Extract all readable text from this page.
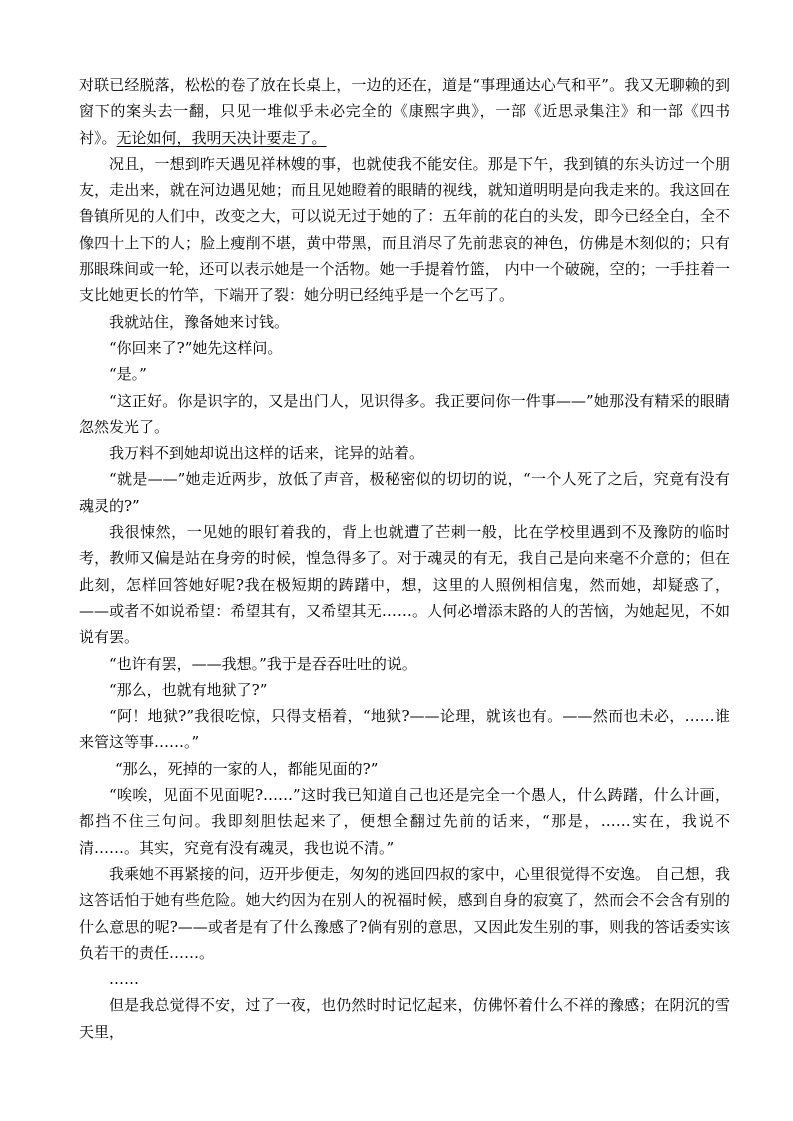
对联已经脱落，松松的卷了放在长桌上，一边的还在，道是“事理通达心气和平”。我又无聊赖的到窗下的案头去一翻，只见一堆似乎未必完全的《康熙字典》，一部《近思录集注》和一部《四书衬》。无论如何，我明天决计要走了。

况且，一想到昨天遇见祥林嫂的事，也就使我不能安住。那是下午，我到镇的东头访过一个朋友，走出来，就在河边遇见她；而且见她瞪着的眼睛的视线，就知道明明是向我走来的。我这回在鲁镇所见的人们中，改变之大，可以说无过于她的了：五年前的花白的头发，即今已经全白，全不像四十上下的人；脸上瘦削不堪，黄中带黑，而且消尽了先前悲哀的神色，仿佛是木刻似的；只有那眼珠间或一轮，还可以表示她是一个活物。她一手提着竹篮， 内中一个破碗，空的；一手拄着一支比她更长的竹竿，下端开了裂：她分明已经纯乎是一个乞丐了。

我就站住，豫备她来讨钱。

“你回来了?”她先这样问。

“是。”

“这正好。你是识字的，又是出门人，见识得多。我正要问你一件事——”她那没有精采的眼睛忽然发光了。

我万料不到她却说出这样的话来，诧异的站着。

“就是——”她走近两步，放低了声音，极秘密似的切切的说，“一个人死了之后，究竟有没有魂灵的?”

我很悚然，一见她的眼钉着我的，背上也就遭了芒刺一般，比在学校里遇到不及豫防的临时考，教师又偏是站在身旁的时候，惶急得多了。对于魂灵的有无，我自己是向来毫不介意的；但在此刻，怎样回答她好呢?我在极短期的踌躇中，想，这里的人照例相信鬼，然而她，却疑惑了，——或者不如说希望：希望其有，又希望其无……。人何必增添末路的人的苦恼，为她起见，不如说有罢。

“也许有罢，——我想。”我于是吞吞吐吐的说。

“那么，也就有地狱了?”

“阿！地狱?”我很吃惊，只得支梧着，“地狱?——论理，就该也有。——然而也未必，……谁来管这等事……。”

“那么，死掉的一家的人，都能见面的?”

“唉唉，见面不见面呢?……”这时我已知道自己也还是完全一个愚人，什么踌躇，什么计画，都挡不住三句问。我即刻胆怯起来了，便想全翻过先前的话来，“那是，……实在，我说不清……。其实，究竟有没有魂灵，我也说不清。”

我乘她不再紧接的问，迈开步便走，匆匆的逃回四叔的家中，心里很觉得不安逸。 自己想，我这答话怕于她有些危险。她大约因为在别人的祝福时候，感到自身的寂寞了，然而会不会含有别的什么意思的呢?——或者是有了什么豫感了?倘有别的意思，又因此发生别的事，则我的答话委实该负若干的责任……。

……

但是我总觉得不安，过了一夜，也仍然时时记忆起来，仿佛怀着什么不祥的豫感；在阴沉的雪天里，
